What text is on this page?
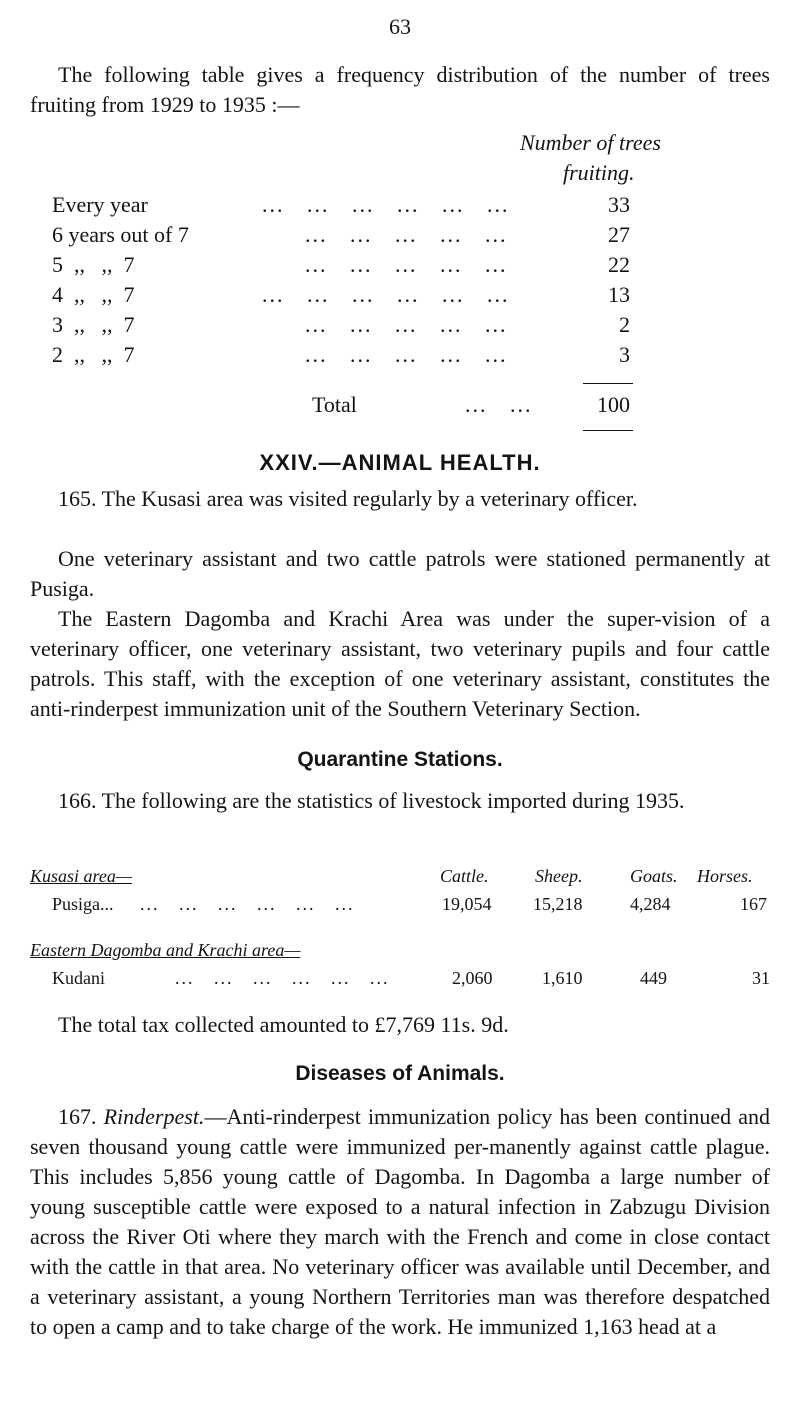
63

The following table gives a frequency distribution of the number of trees fruiting from 1929 to 1935 :—

Number of trees
fruiting.
Every year	...   ...   ...   ...   ...   ...	33
6 years out of 7	...   ...   ...   ...   ...	27
5  ,,   ,,  7	...   ...   ...   ...   ...	22
4  ,,   ,,  7	...   ...   ...   ...   ...   ...	13
3  ,,   ,,  7	...   ...   ...   ...   ...	2
2  ,,   ,,  7	...   ...   ...   ...   ...	3
Total	...   ...	100
XXIV.—ANIMAL HEALTH.

165. The Kusasi area was visited regularly by a veterinary officer.

One veterinary assistant and two cattle patrols were stationed permanently at Pusiga.

The Eastern Dagomba and Krachi Area was under the super-vision of a veterinary officer, one veterinary assistant, two veterinary pupils and four cattle patrols. This staff, with the exception of one veterinary assistant, constitutes the anti-rinderpest immunization unit of the Southern Veterinary Section.

Quarantine Stations.

166. The following are the statistics of livestock imported during 1935.

Kusasi area—	Cattle.	Sheep.	Goats. Horses.
Pusiga... ...   ...   ...   ...   ...   ...	19,054 15,218	4,284	167
Eastern Dagomba and Krachi area—
Kudani	...   ...   ...   ...   ...   ...	2,060	1,610	449	31

The total tax collected amounted to £7,769 11s. 9d.

Diseases of Animals.

167. Rinderpest.—Anti-rinderpest immunization policy has been continued and seven thousand young cattle were immunized per-manently against cattle plague. This includes 5,856 young cattle of Dagomba. In Dagomba a large number of young susceptible cattle were exposed to a natural infection in Zabzugu Division across the River Oti where they march with the French and come in close contact with the cattle in that area. No veterinary officer was available until December, and a veterinary assistant, a young Northern Territories man was therefore despatched to open a camp and to take charge of the work. He immunized 1,163 head at a
